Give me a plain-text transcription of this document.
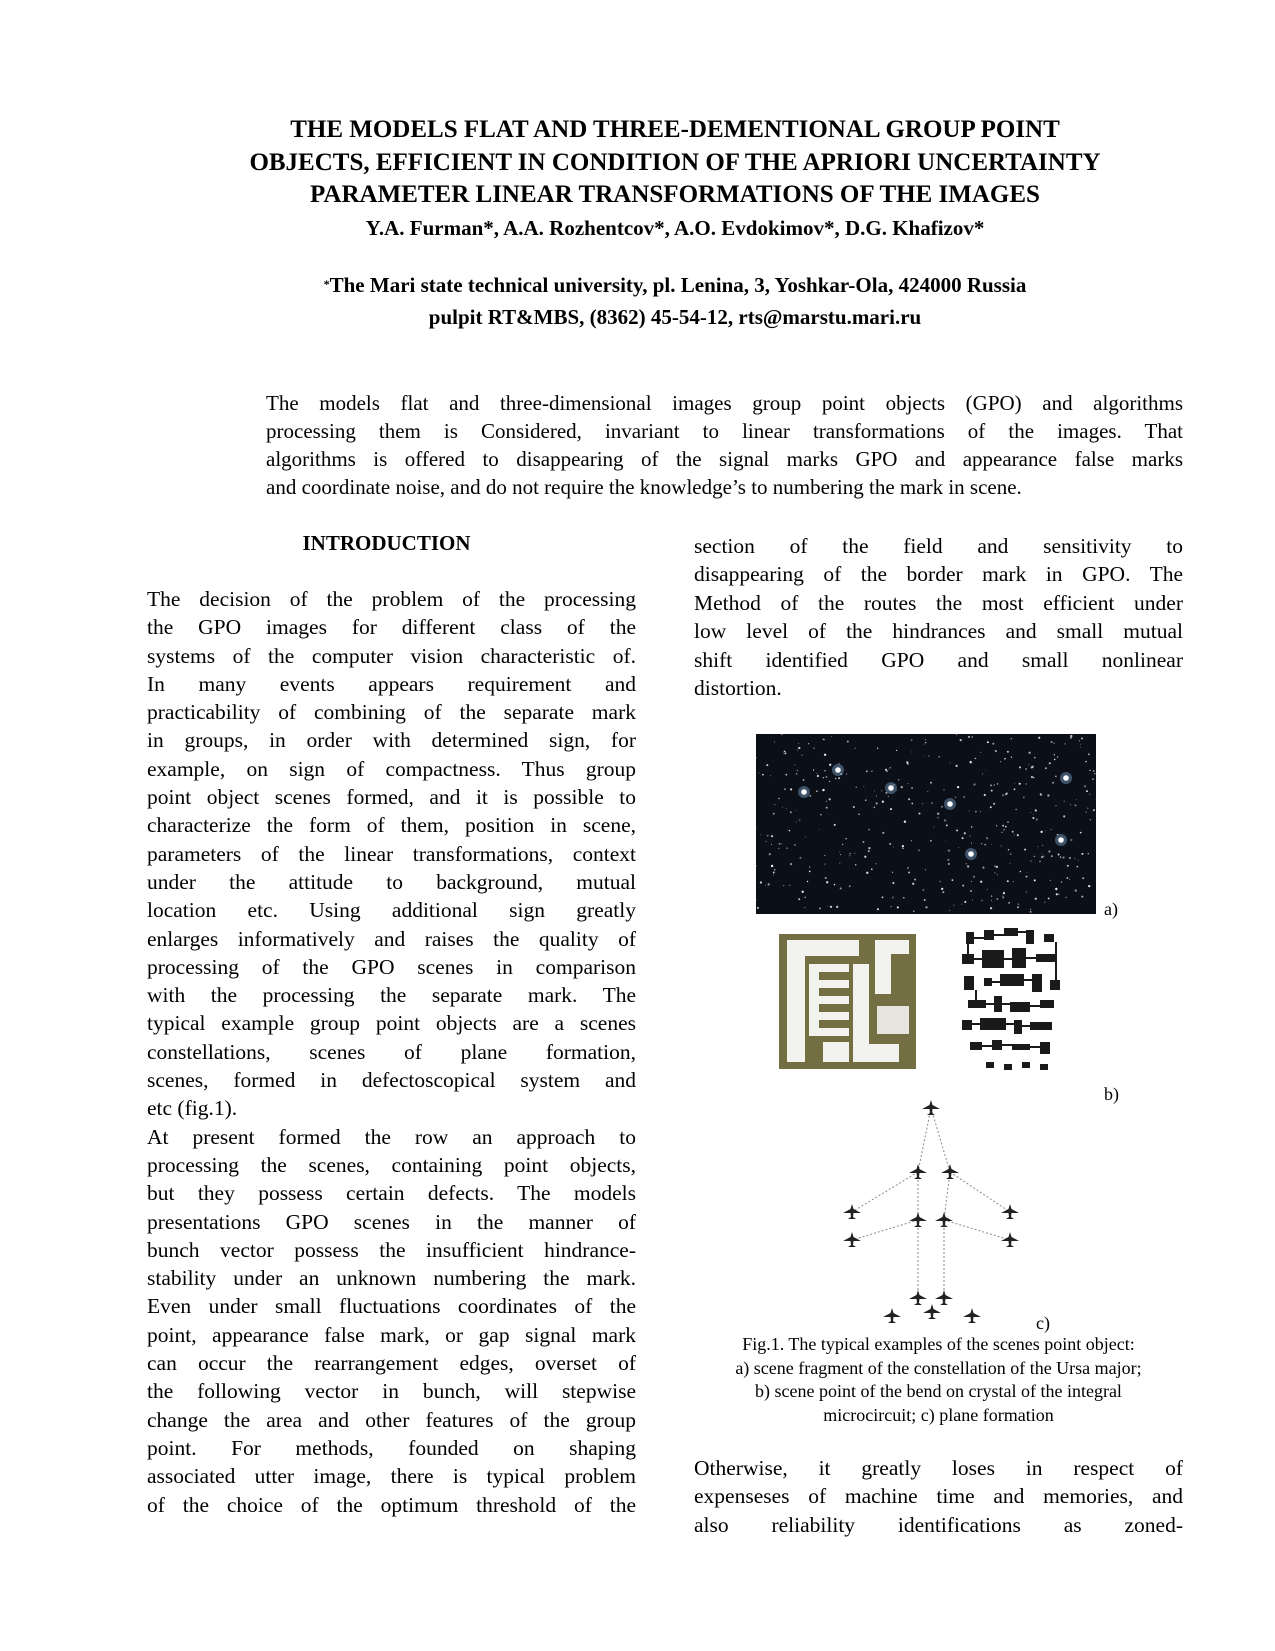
THE MODELS FLAT AND THREE-DEMENTIONAL GROUP POINT
OBJECTS, EFFICIENT IN CONDITION OF THE APRIORI UNCERTAINTY
PARAMETER LINEAR TRANSFORMATIONS OF THE IMAGES
Y.A. Furman*, A.A. Rozhentcov*, A.O. Evdokimov*, D.G. Khafizov*
*The Mari state technical university, pl. Lenina, 3, Yoshkar-Ola, 424000 Russia
pulpit RT&MBS, (8362) 45-54-12, rts@marstu.mari.ru
The models flat and three-dimensional images group point objects (GPO) and algorithms
processing them is Considered, invariant to linear transformations of the images. That
algorithms is offered to disappearing of the signal marks GPO and appearance false marks
and coordinate noise, and do not require the knowledge’s to numbering the mark in scene.
INTRODUCTION
The decision of the problem of the processing
the GPO images for different class of the
systems of the computer vision characteristic of.
In many events appears requirement and
practicability of combining of the separate mark
in groups, in order with determined sign, for
example, on sign of compactness. Thus group
point object scenes formed, and it is possible to
characterize the form of them, position in scene,
parameters of the linear transformations, context
under the attitude to background, mutual
location etc. Using additional sign greatly
enlarges informatively and raises the quality of
processing of the GPO scenes in comparison
with the processing the separate mark. The
typical example group point objects are a scenes
constellations, scenes of plane formation,
scenes, formed in defectoscopical system and
etc (fig.1).
At present formed the row an approach to
processing the scenes, containing point objects,
but they possess certain defects. The models
presentations GPO scenes in the manner of
bunch vector possess the insufficient hindrance-
stability under an unknown numbering the mark.
Even under small fluctuations coordinates of the
point, appearance false mark, or gap signal mark
can occur the rearrangement edges, overset of
the following vector in bunch, will stepwise
change the area and other features of the group
point. For methods, founded on shaping
associated utter image, there is typical problem
of the choice of the optimum threshold of the
section of the field and sensitivity to
disappearing of the border mark in GPO. The
Method of the routes the most efficient under
low level of the hindrances and small mutual
shift identified GPO and small nonlinear
distortion.
a)
b)
c)
Fig.1. The typical examples of the scenes point object:
a) scene fragment of the constellation of the Ursa major;
b) scene point of the bend on crystal of the integral
microcircuit; c) plane formation
Otherwise, it greatly loses in respect of
expenseses of machine time and memories, and
also reliability identifications as zoned-
